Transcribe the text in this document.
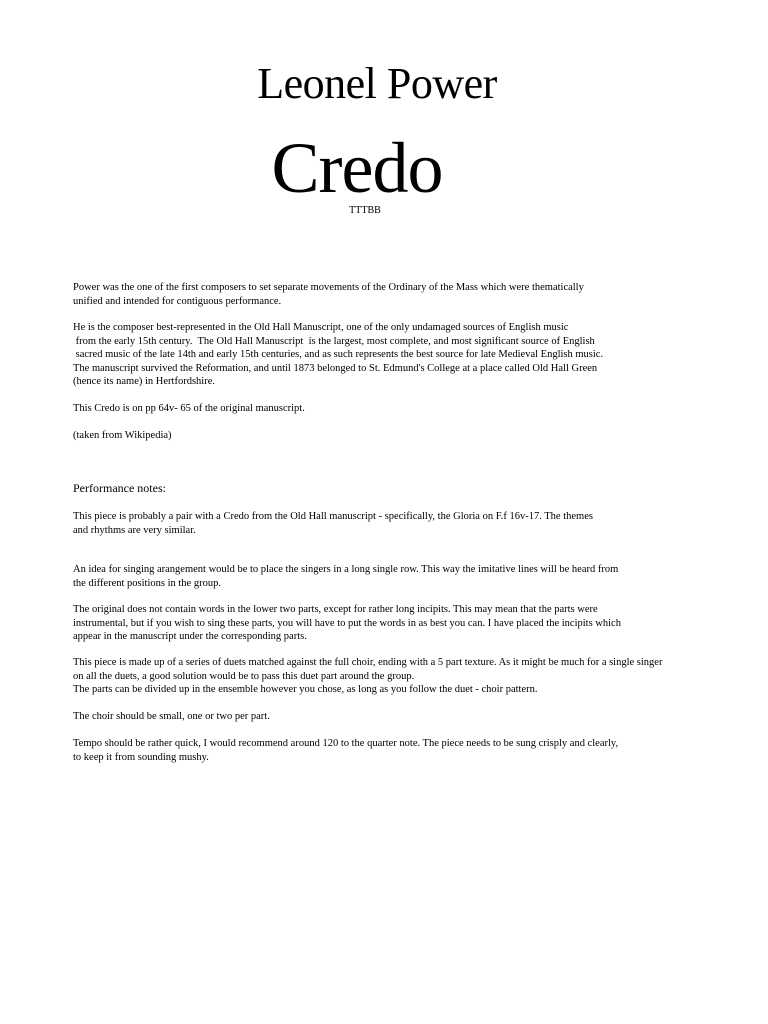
Leonel Power
Credo
TTTBB

Power was the one of the first composers to set separate movements of the Ordinary of the Mass which were thematically
unified and intended for contiguous performance.

He is the composer best-represented in the Old Hall Manuscript, one of the only undamaged sources of English music
from the early 15th century.  The Old Hall Manuscript  is the largest, most complete, and most significant source of English
sacred music of the late 14th and early 15th centuries, and as such represents the best source for late Medieval English music.
The manuscript survived the Reformation, and until 1873 belonged to St. Edmund's College at a place called Old Hall Green
(hence its name) in Hertfordshire.

This Credo is on pp 64v- 65 of the original manuscript.

(taken from Wikipedia)

Performance notes:

This piece is probably a pair with a Credo from the Old Hall manuscript - specifically, the Gloria on F.f 16v-17. The themes
and rhythms are very similar.

An idea for singing arangement would be to place the singers in a long single row. This way the imitative lines will be heard from
the different positions in the group.

The original does not contain words in the lower two parts, except for rather long incipits. This may mean that the parts were
instrumental, but if you wish to sing these parts, you will have to put the words in as best you can. I have placed the incipits which
appear in the manuscript under the corresponding parts.

This piece is made up of a series of duets matched against the full choir, ending with a 5 part texture. As it might be much for a single singer
on all the duets, a good solution would be to pass this duet part around the group.
The parts can be divided up in the ensemble however you chose, as long as you follow the duet - choir pattern.

The choir should be small, one or two per part.

Tempo should be rather quick, I would recommend around 120 to the quarter note. The piece needs to be sung crisply and clearly,
to keep it from sounding mushy.
